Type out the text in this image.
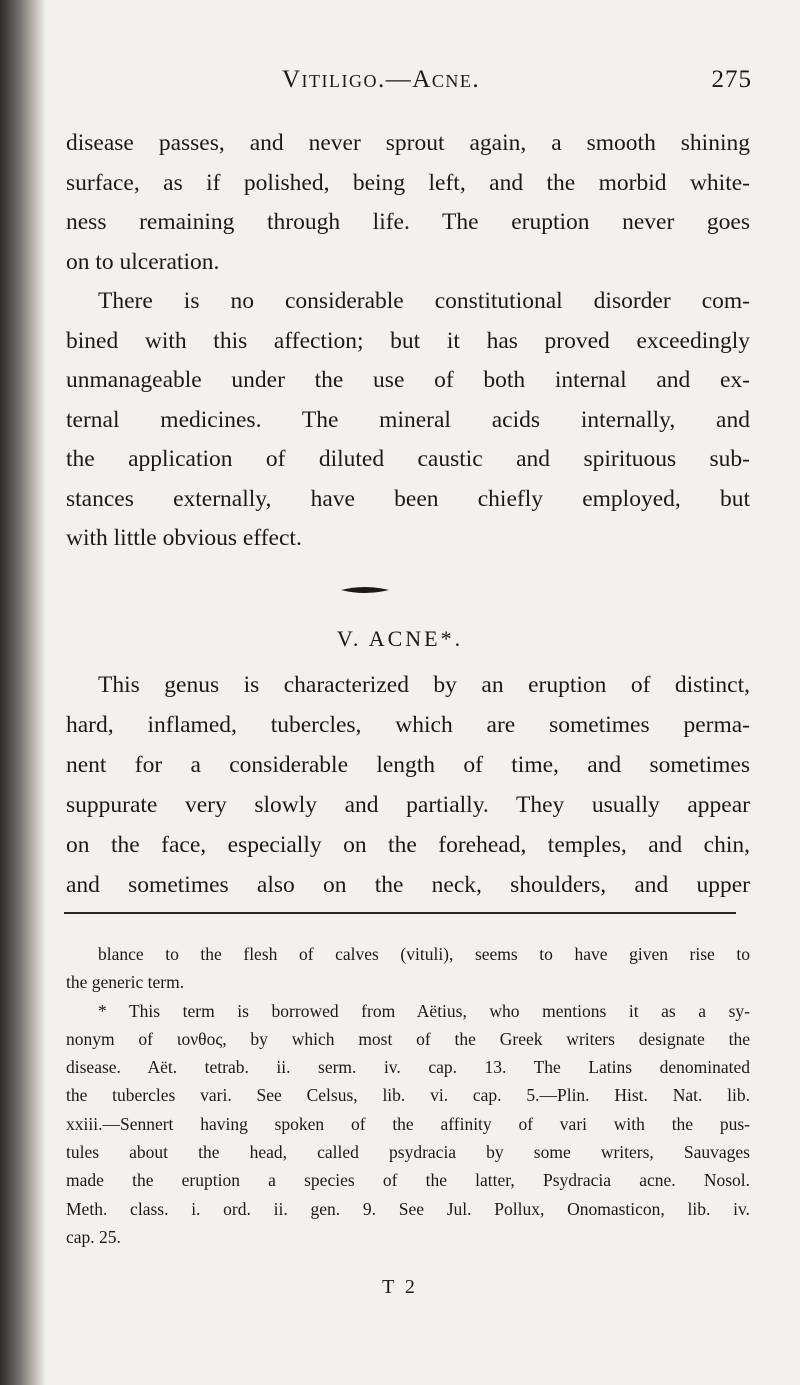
Vitiligo.—Acne.	275

disease passes, and never sprout again, a smooth shining
surface, as if polished, being left, and the morbid white-
ness remaining through life. The eruption never goes
on to ulceration.

There is no considerable constitutional disorder com-
bined with this affection; but it has proved exceedingly
unmanageable under the use of both internal and ex-
ternal medicines. The mineral acids internally, and
the application of diluted caustic and spirituous sub-
stances externally, have been chiefly employed, but
with little obvious effect.

V. ACNE*.
This genus is characterized by an eruption of distinct,
hard, inflamed, tubercles, which are sometimes perma-
nent for a considerable length of time, and sometimes
suppurate very slowly and partially. They usually appear
on the face, especially on the forehead, temples, and chin,
and sometimes also on the neck, shoulders, and upper
blance to the flesh of calves (vituli), seems to have given rise to
the generic term.
* This term is borrowed from Aëtius, who mentions it as a sy-
nonym of ιονθος, by which most of the Greek writers designate the
disease. Aët. tetrab. ii. serm. iv. cap. 13. The Latins denominated
the tubercles vari. See Celsus, lib. vi. cap. 5.—Plin. Hist. Nat. lib.
xxiii.—Sennert having spoken of the affinity of vari with the pus-
tules about the head, called psydracia by some writers, Sauvages
made the eruption a species of the latter, Psydracia acne. Nosol.
Meth. class. i. ord. ii. gen. 9. See Jul. Pollux, Onomasticon, lib. iv.
cap. 25.
T 2
